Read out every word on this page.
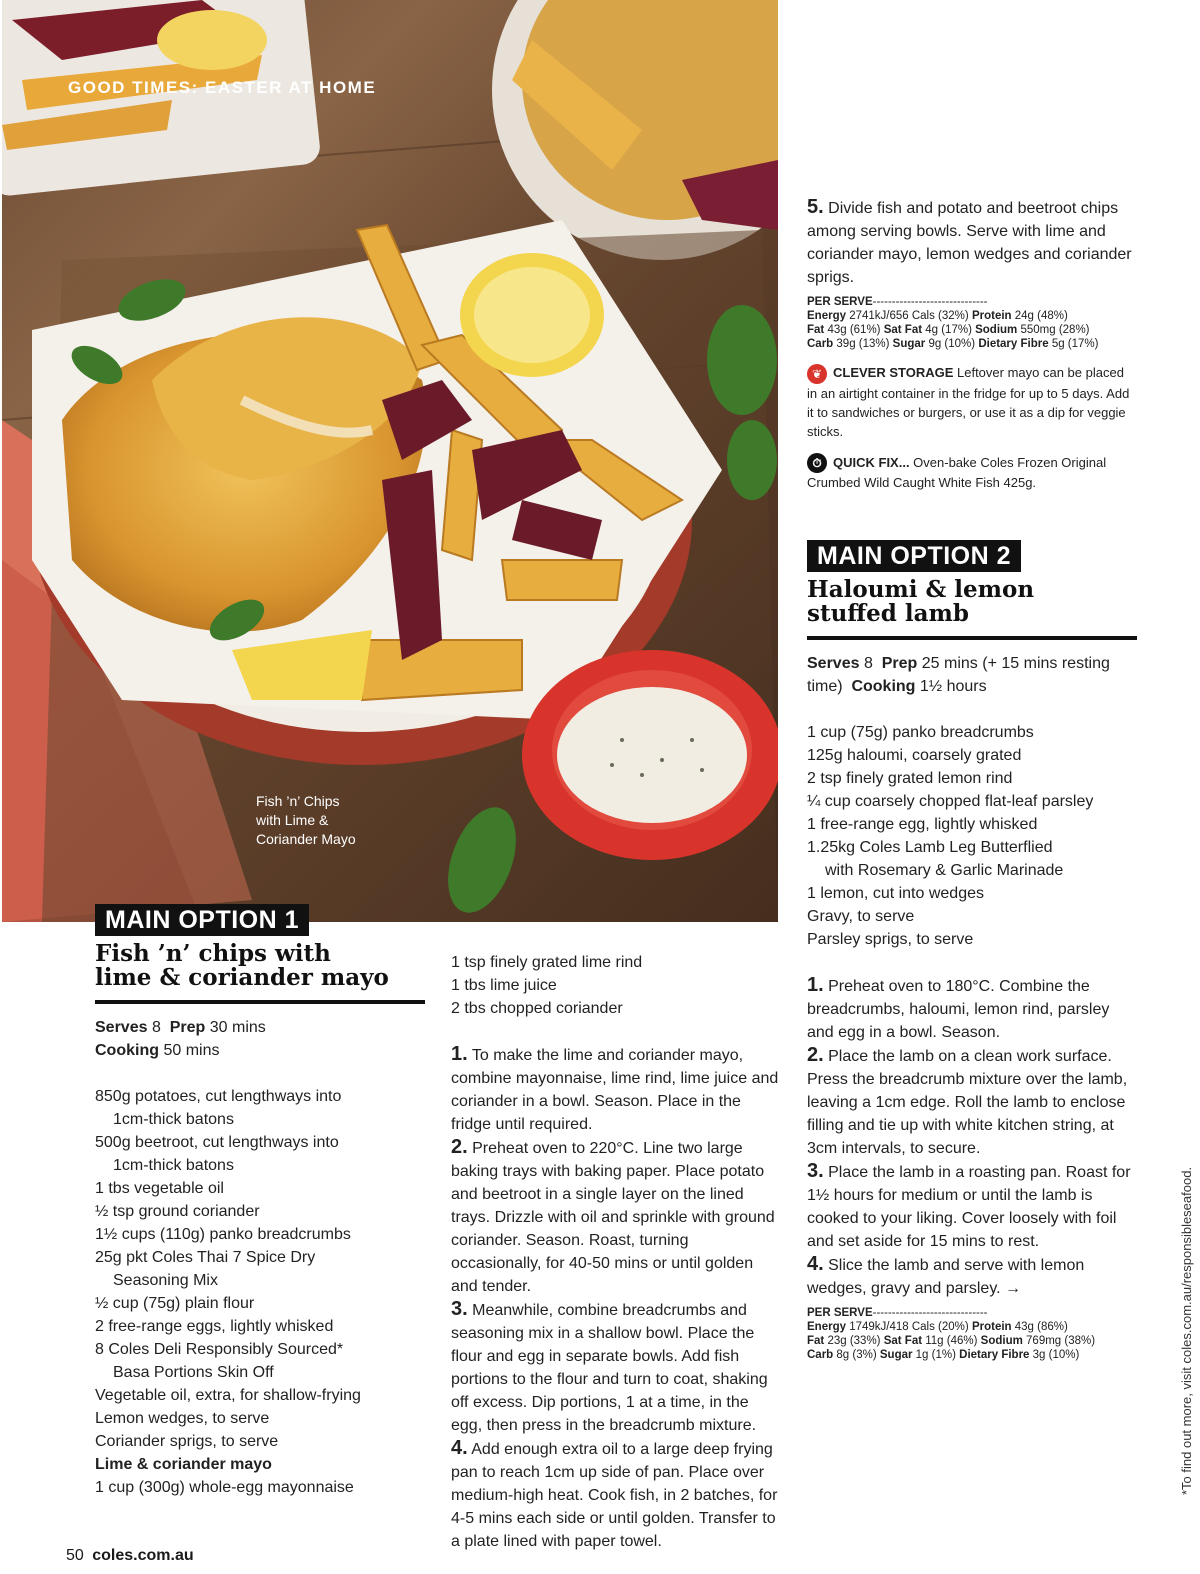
GOOD TIMES: EASTER AT HOME
Fish ’n’ Chips
with Lime &
Coriander Mayo
MAIN OPTION 1
Fish ’n’ chips with
lime & coriander mayo
Serves 8 Prep 30 mins
Cooking 50 mins
850g potatoes, cut lengthways into
1cm-thick batons
500g beetroot, cut lengthways into
1cm-thick batons
1 tbs vegetable oil
½ tsp ground coriander
1½ cups (110g) panko breadcrumbs
25g pkt Coles Thai 7 Spice Dry
Seasoning Mix
½ cup (75g) plain flour
2 free-range eggs, lightly whisked
8 Coles Deli Responsibly Sourced*
Basa Portions Skin Off
Vegetable oil, extra, for shallow-frying
Lemon wedges, to serve
Coriander sprigs, to serve
Lime & coriander mayo
1 cup (300g) whole-egg mayonnaise
1 tsp finely grated lime rind
1 tbs lime juice
2 tbs chopped coriander
1. To make the lime and coriander mayo, combine mayonnaise, lime rind, lime juice and coriander in a bowl. Season. Place in the fridge until required.
2. Preheat oven to 220°C. Line two large baking trays with baking paper. Place potato and beetroot in a single layer on the lined trays. Drizzle with oil and sprinkle with ground coriander. Season. Roast, turning occasionally, for 40-50 mins or until golden and tender.
3. Meanwhile, combine breadcrumbs and seasoning mix in a shallow bowl. Place the flour and egg in separate bowls. Add fish portions to the flour and turn to coat, shaking off excess. Dip portions, 1 at a time, in the egg, then press in the breadcrumb mixture.
4. Add enough extra oil to a large deep frying pan to reach 1cm up side of pan. Place over medium-high heat. Cook fish, in 2 batches, for 4-5 mins each side or until golden. Transfer to a plate lined with paper towel.
5. Divide fish and potato and beetroot chips among serving bowls. Serve with lime and coriander mayo, lemon wedges and coriander sprigs.
PER SERVE------------------------------
Energy 2741kJ/656 Cals (32%) Protein 24g (48%)
Fat 43g (61%) Sat Fat 4g (17%) Sodium 550mg (28%)
Carb 39g (13%) Sugar 9g (10%) Dietary Fibre 5g (17%)
❦ CLEVER STORAGE Leftover mayo can be placed in an airtight container in the fridge for up to 5 days. Add it to sandwiches or burgers, or use it as a dip for veggie sticks.
⏱ QUICK FIX... Oven-bake Coles Frozen Original Crumbed Wild Caught White Fish 425g.
MAIN OPTION 2
Haloumi & lemon
stuffed lamb
Serves 8 Prep 25 mins (+ 15 mins resting time) Cooking 1½ hours
1 cup (75g) panko breadcrumbs
125g haloumi, coarsely grated
2 tsp finely grated lemon rind
¼ cup coarsely chopped flat-leaf parsley
1 free-range egg, lightly whisked
1.25kg Coles Lamb Leg Butterflied
with Rosemary & Garlic Marinade
1 lemon, cut into wedges
Gravy, to serve
Parsley sprigs, to serve
1. Preheat oven to 180°C. Combine the breadcrumbs, haloumi, lemon rind, parsley and egg in a bowl. Season.
2. Place the lamb on a clean work surface. Press the breadcrumb mixture over the lamb, leaving a 1cm edge. Roll the lamb to enclose filling and tie up with white kitchen string, at 3cm intervals, to secure.
3. Place the lamb in a roasting pan. Roast for 1½ hours for medium or until the lamb is cooked to your liking. Cover loosely with foil and set aside for 15 mins to rest.
4. Slice the lamb and serve with lemon wedges, gravy and parsley. →
PER SERVE------------------------------
Energy 1749kJ/418 Cals (20%) Protein 43g (86%)
Fat 23g (33%) Sat Fat 11g (46%) Sodium 769mg (38%)
Carb 8g (3%) Sugar 1g (1%) Dietary Fibre 3g (10%)
50 coles.com.au
*To find out more, visit coles.com.au/responsibleseafood.
